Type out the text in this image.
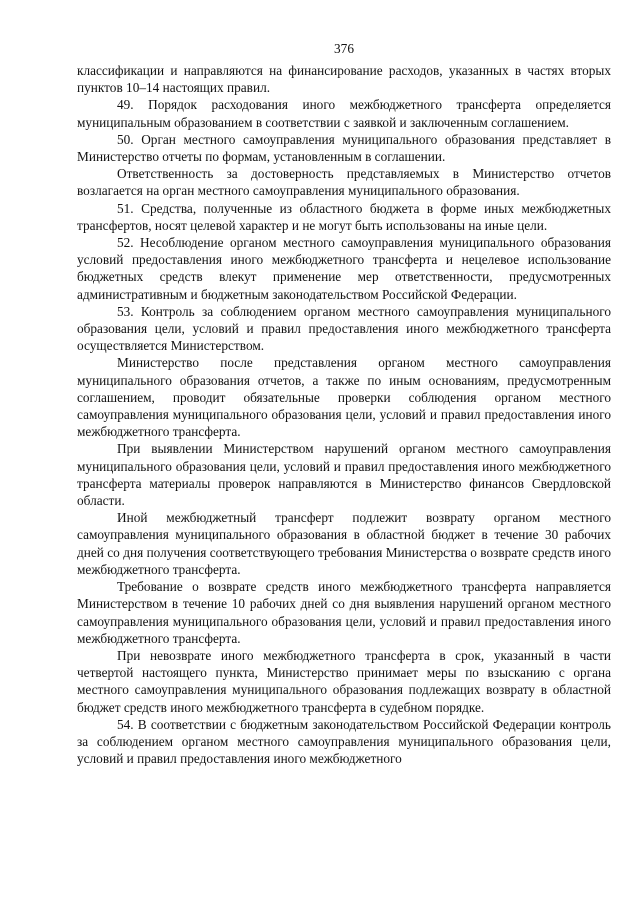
376

классификации и направляются на финансирование расходов, указанных в частях вторых пунктов 10–14 настоящих правил.

49. Порядок расходования иного межбюджетного трансферта определяется муниципальным образованием в соответствии с заявкой и заключенным соглашением.

50. Орган местного самоуправления муниципального образования представляет в Министерство отчеты по формам, установленным в соглашении.

Ответственность за достоверность представляемых в Министерство отчетов возлагается на орган местного самоуправления муниципального образования.

51. Средства, полученные из областного бюджета в форме иных межбюджетных трансфертов, носят целевой характер и не могут быть использованы на иные цели.

52. Несоблюдение органом местного самоуправления муниципального образования условий предоставления иного межбюджетного трансферта и нецелевое использование бюджетных средств влекут применение мер ответственности, предусмотренных административным и бюджетным законодательством Российской Федерации.

53. Контроль за соблюдением органом местного самоуправления муниципального образования цели, условий и правил предоставления иного межбюджетного трансферта осуществляется Министерством.

Министерство после представления органом местного самоуправления муниципального образования отчетов, а также по иным основаниям, предусмотренным соглашением, проводит обязательные проверки соблюдения органом местного самоуправления муниципального образования цели, условий и правил предоставления иного межбюджетного трансферта.

При выявлении Министерством нарушений органом местного самоуправления муниципального образования цели, условий и правил предоставления иного межбюджетного трансферта материалы проверок направляются в Министерство финансов Свердловской области.

Иной межбюджетный трансферт подлежит возврату органом местного самоуправления муниципального образования в областной бюджет в течение 30 рабочих дней со дня получения соответствующего требования Министерства о возврате средств иного межбюджетного трансферта.

Требование о возврате средств иного межбюджетного трансферта направляется Министерством в течение 10 рабочих дней со дня выявления нарушений органом местного самоуправления муниципального образования цели, условий и правил предоставления иного межбюджетного трансферта.

При невозврате иного межбюджетного трансферта в срок, указанный в части четвертой настоящего пункта, Министерство принимает меры по взысканию с органа местного самоуправления муниципального образования подлежащих возврату в областной бюджет средств иного межбюджетного трансферта в судебном порядке.

54. В соответствии с бюджетным законодательством Российской Федерации контроль за соблюдением органом местного самоуправления муниципального образования цели, условий и правил предоставления иного межбюджетного
